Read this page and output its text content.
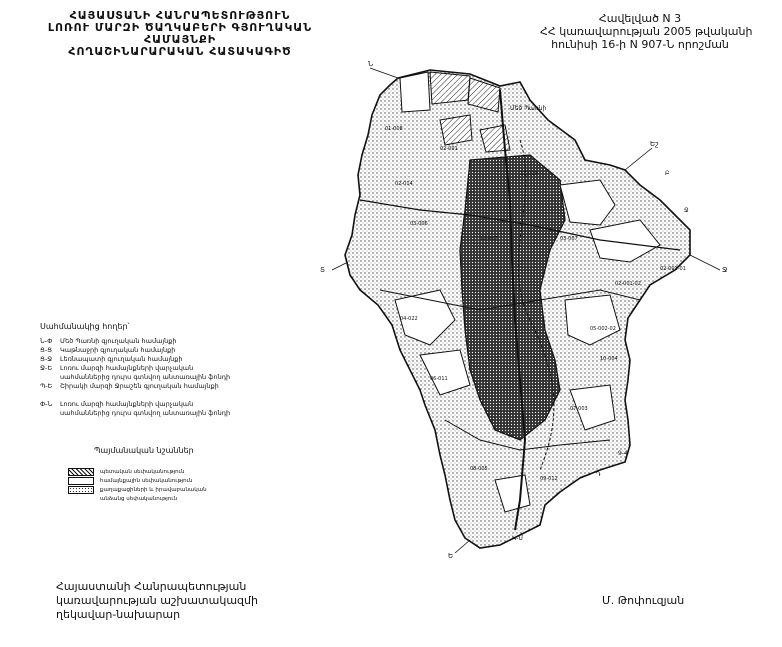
Ն
Տ
Եշ
Ե
Ջ
Մեծ Պառնի
9-4
Բ
Ջ
Կ-Մ
Դ
02-001
02-014
03-006
03-007
02-001-02
02-001-01
05-002-02
04-022
01-008
06-011
07-003
08-005
09-012
10-004
11-019
12-007
ՀԱՅԱՍՏԱՆԻ ՀԱՆՐԱՊԵՏՈՒԹՅՈՒՆ
ԼՈՌՈՒ ՄԱՐԶԻ ԾԱՂԿԱԲԵՐԻ ԳՅՈՒՂԱԿԱՆ ՀԱՄԱՅՆՔԻ
ՀՈՂԱՇԻՆԱՐԱՐԱԿԱՆ ՀԱՏԱԿԱԳԻԾ
Հավելված N 3
ՀՀ կառավարության 2005 թվականի
հունիսի 16-ի N 907-Ն որոշման
Սահմանակից հողեր՝
Ն-Փ	Մեծ Պառնի գյուղական համայնքի
Ց-Ց	Կաթնաջրի գյուղական համայնքի
Ց-Ջ	Լեռնապատի գյուղական համայնքի
Ջ-Ե	Լոռու մարզի համայնքների վարչական
սահմաններից դուրս գտնվող անտառային ֆոնդի
Պ-Ե	Շիրակի մարզի Ջրաշեն գյուղական համայնքի
Փ-Ն	Լոռու մարզի համայնքների վարչական
սահմաններից դուրս գտնվող անտառային ֆոնդի
Պայմանական նշաններ
պետական սեփականություն
համայնքային սեփականություն
քաղաքացիների և իրավաբանական
անձանց սեփականություն
Հայաստանի Հանրապետության
կառավարության աշխատակազմի
ղեկավար-նախարար
Մ. Թոփուզյան
